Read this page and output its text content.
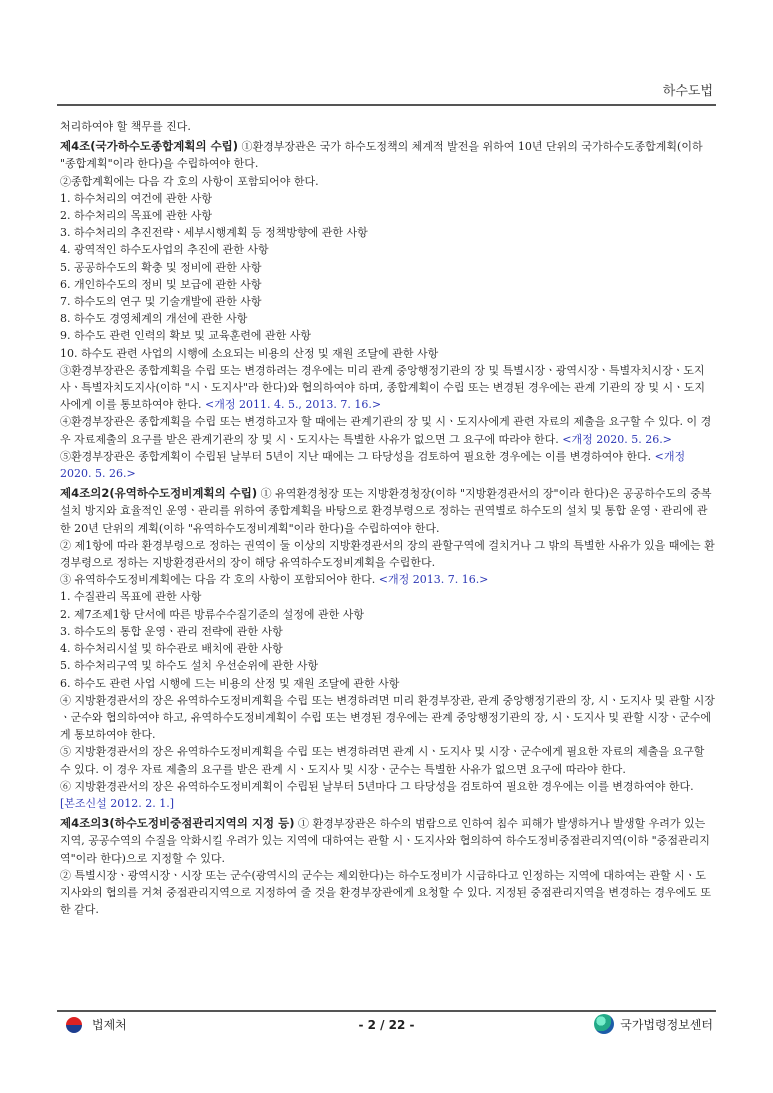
하수도법

처리하여야 할 책무를 진다.

제4조(국가하수도종합계획의 수립) ①환경부장관은 국가 하수도정책의 체계적 발전을 위하여 10년 단위의 국가하수도종합계획(이하 "종합계획"이라 한다)을 수립하여야 한다.

②종합계획에는 다음 각 호의 사항이 포함되어야 한다.

1. 하수처리의 여건에 관한 사항

2. 하수처리의 목표에 관한 사항

3. 하수처리의 추진전략ㆍ세부시행계획 등 정책방향에 관한 사항

4. 광역적인 하수도사업의 추진에 관한 사항

5. 공공하수도의 확충 및 정비에 관한 사항

6. 개인하수도의 정비 및 보급에 관한 사항

7. 하수도의 연구 및 기술개발에 관한 사항

8. 하수도 경영체계의 개선에 관한 사항

9. 하수도 관련 인력의 확보 및 교육훈련에 관한 사항

10. 하수도 관련 사업의 시행에 소요되는 비용의 산정 및 재원 조달에 관한 사항

③환경부장관은 종합계획을 수립 또는 변경하려는 경우에는 미리 관계 중앙행정기관의 장 및 특별시장ㆍ광역시장ㆍ특별자치시장ㆍ도지사ㆍ특별자치도지사(이하 "시ㆍ도지사"라 한다)와 협의하여야 하며, 종합계획이 수립 또는 변경된 경우에는 관계 기관의 장 및 시ㆍ도지사에게 이를 통보하여야 한다. <개정 2011. 4. 5., 2013. 7. 16.>

④환경부장관은 종합계획을 수립 또는 변경하고자 할 때에는 관계기관의 장 및 시ㆍ도지사에게 관련 자료의 제출을 요구할 수 있다. 이 경우 자료제출의 요구를 받은 관계기관의 장 및 시ㆍ도지사는 특별한 사유가 없으면 그 요구에 따라야 한다. <개정 2020. 5. 26.>

⑤환경부장관은 종합계획이 수립된 날부터 5년이 지난 때에는 그 타당성을 검토하여 필요한 경우에는 이를 변경하여야 한다. <개정 2020. 5. 26.>

제4조의2(유역하수도정비계획의 수립) ① 유역환경청장 또는 지방환경청장(이하 "지방환경관서의 장"이라 한다)은 공공하수도의 중복 설치 방지와 효율적인 운영ㆍ관리를 위하여 종합계획을 바탕으로 환경부령으로 정하는 권역별로 하수도의 설치 및 통합 운영ㆍ관리에 관한 20년 단위의 계획(이하 "유역하수도정비계획"이라 한다)을 수립하여야 한다.

② 제1항에 따라 환경부령으로 정하는 권역이 둘 이상의 지방환경관서의 장의 관할구역에 걸치거나 그 밖의 특별한 사유가 있을 때에는 환경부령으로 정하는 지방환경관서의 장이 해당 유역하수도정비계획을 수립한다.

③ 유역하수도정비계획에는 다음 각 호의 사항이 포함되어야 한다. <개정 2013. 7. 16.>

1. 수질관리 목표에 관한 사항

2. 제7조제1항 단서에 따른 방류수수질기준의 설정에 관한 사항

3. 하수도의 통합 운영ㆍ관리 전략에 관한 사항

4. 하수처리시설 및 하수관로 배치에 관한 사항

5. 하수처리구역 및 하수도 설치 우선순위에 관한 사항

6. 하수도 관련 사업 시행에 드는 비용의 산정 및 재원 조달에 관한 사항

④ 지방환경관서의 장은 유역하수도정비계획을 수립 또는 변경하려면 미리 환경부장관, 관계 중앙행정기관의 장, 시ㆍ도지사 및 관할 시장ㆍ군수와 협의하여야 하고, 유역하수도정비계획이 수립 또는 변경된 경우에는 관계 중앙행정기관의 장, 시ㆍ도지사 및 관할 시장ㆍ군수에게 통보하여야 한다.

⑤ 지방환경관서의 장은 유역하수도정비계획을 수립 또는 변경하려면 관계 시ㆍ도지사 및 시장ㆍ군수에게 필요한 자료의 제출을 요구할 수 있다. 이 경우 자료 제출의 요구를 받은 관계 시ㆍ도지사 및 시장ㆍ군수는 특별한 사유가 없으면 요구에 따라야 한다.

⑥ 지방환경관서의 장은 유역하수도정비계획이 수립된 날부터 5년마다 그 타당성을 검토하여 필요한 경우에는 이를 변경하여야 한다.

[본조신설 2012. 2. 1.]

제4조의3(하수도정비중점관리지역의 지정 등) ① 환경부장관은 하수의 범람으로 인하여 침수 피해가 발생하거나 발생할 우려가 있는 지역, 공공수역의 수질을 악화시킬 우려가 있는 지역에 대하여는 관할 시ㆍ도지사와 협의하여 하수도정비중점관리지역(이하 "중점관리지역"이라 한다)으로 지정할 수 있다.

② 특별시장ㆍ광역시장ㆍ시장 또는 군수(광역시의 군수는 제외한다)는 하수도정비가 시급하다고 인정하는 지역에 대하여는 관할 시ㆍ도지사와의 협의를 거쳐 중점관리지역으로 지정하여 줄 것을 환경부장관에게 요청할 수 있다. 지정된 중점관리지역을 변경하는 경우에도 또한 같다.

법제처	- 2 / 22 -	국가법령정보센터
